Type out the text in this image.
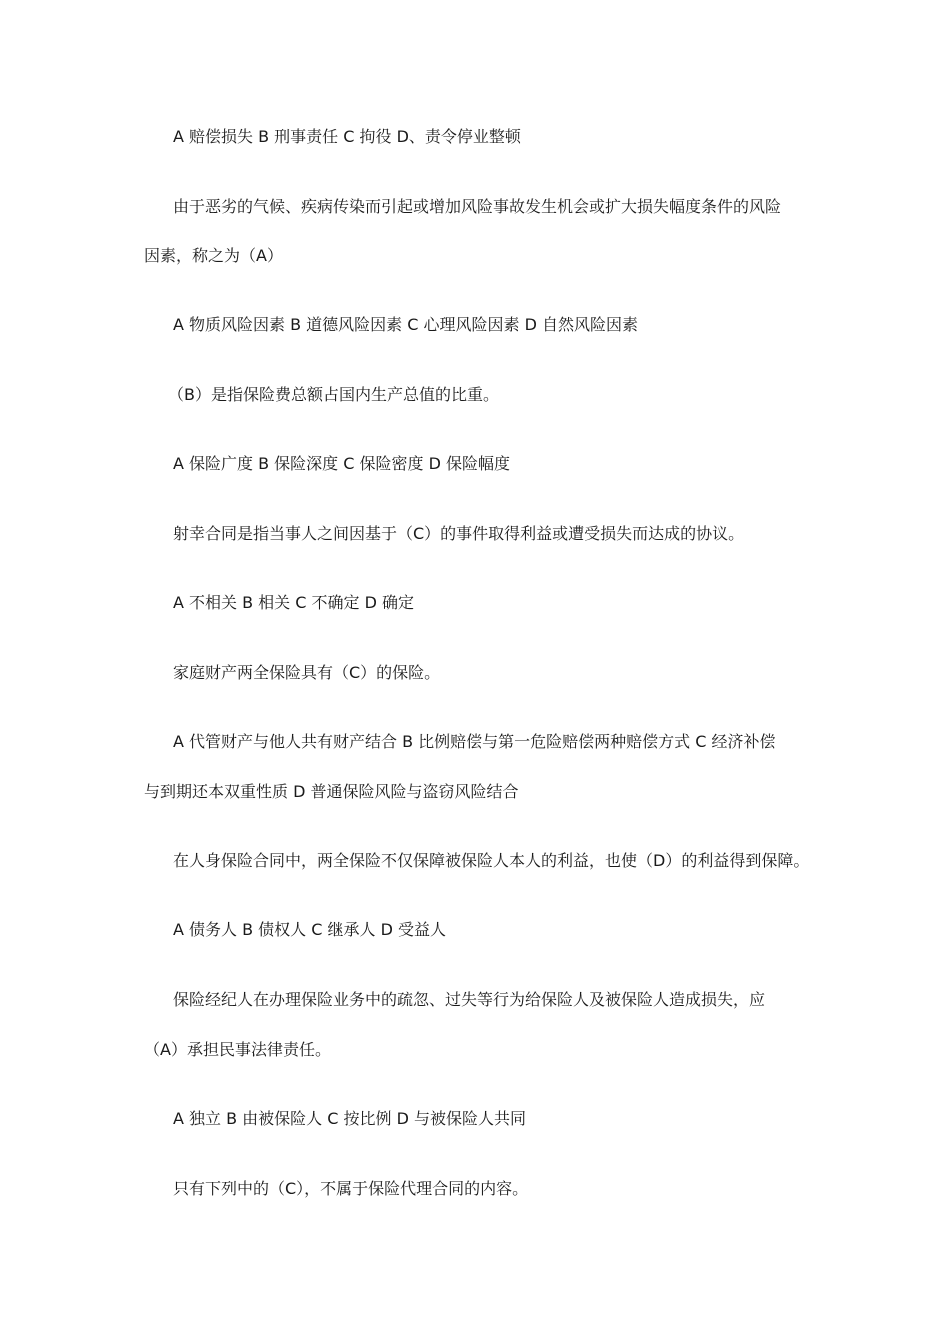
A 赔偿损失 B 刑事责任 C 拘役 D、责令停业整顿
由于恶劣的气候、疾病传染而引起或增加风险事故发生机会或扩大损失幅度条件的风险
因素，称之为（A）
A 物质风险因素 B 道德风险因素 C 心理风险因素 D 自然风险因素
（B）是指保险费总额占国内生产总值的比重。
A 保险广度 B 保险深度 C 保险密度 D 保险幅度
射幸合同是指当事人之间因基于（C）的事件取得利益或遭受损失而达成的协议。
A 不相关 B 相关 C 不确定 D 确定
家庭财产两全保险具有（C）的保险。
A 代管财产与他人共有财产结合 B 比例赔偿与第一危险赔偿两种赔偿方式 C 经济补偿
与到期还本双重性质 D 普通保险风险与盗窃风险结合
在人身保险合同中，两全保险不仅保障被保险人本人的利益，也使（D）的利益得到保障。
A 债务人 B 债权人 C 继承人 D 受益人
保险经纪人在办理保险业务中的疏忽、过失等行为给保险人及被保险人造成损失，应
（A）承担民事法律责任。
A 独立 B 由被保险人 C 按比例 D 与被保险人共同
只有下列中的（C），不属于保险代理合同的内容。
